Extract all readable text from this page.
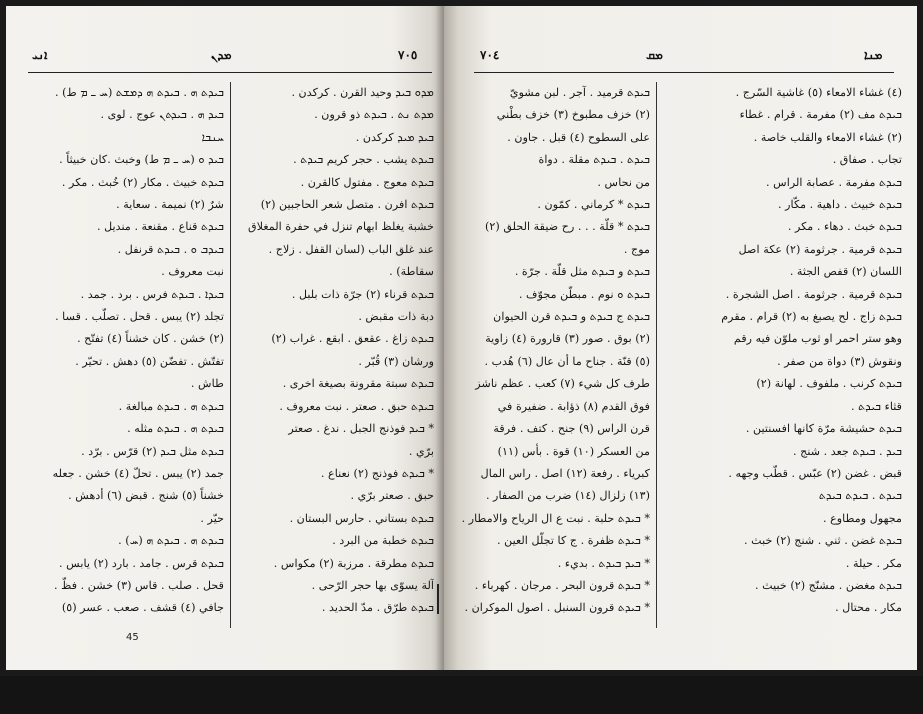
ܐܢܝ	ܡܕܢ	٧٠٥
ܒܝܕܬ ܗ . ܒܝܕܬ ܗ ܕܡܫܬ (ܚ ـ ܡ ط) .
ܒܝܕ ܗ . ܒܝܕܬܢ عوج . لوى .
ܚܢܒܐ
ܒܝܕ ܘ (ܚ ـ ܡ ط) وخبث .كان خبيثاً .
ܒܝܕܬ خبيث . مكار (٢) خُبث . مكر .
شرٌ (٢) نميمة . سعاية .
ܒܝܕܬ قناع . مقنعة . منديل .
ܒܝܕܒ ܘ . ܒܝܕܬ قرنفل .
نبت معروف .
ܒܝܕܐ . ܒܝܕܬ فرس . برد . جمد .
تجلد (٢) يبس . قحل . تصلّب . قسا .
(٢) خشن . كان خشناً (٤) تفتّح .
تفتّش . تفضّن (٥) دهش . تحيّر .
طاش .
ܒܝܕܬ ܗ . ܒܝܕܬ مبالغة .
ܒܝܕܬ ܗ . ܒܝܕܬ مثله .
ܒܝܕܬ مثل ܒܝܕ (٢) قرّس . برّد .
جمد (٢) يبس . تحلّ (٤) خشن . جعله
خشناً (٥) شنج . قبض (٦) أدهش .
حيّر .
ܒܝܕܬ ܗ . ܒܝܕܬ ܗ (ܚ) .
ܒܝܕܬ قرس . جامد . بارد (٢) يابس .
قحل . صلب . قاس (٣) خشن . فظّ .
جافي (٤) قشف . صعب . عسر (٥)
ܡܕܘ ܒܝܕ وحيد القرن . كركدن .
ܡܕܬ ܢܬ . ܒܝܕܬ ذو قرون .
ܒܝܕ ܡܝܕ كركدن .
ܒܝܕܬ يشب . حجر كريم ܒܝܕܬ .
ܒܝܕܬ معوج . مفتول كالقرن .
ܒܝܕܬ افرن . متصل شعر الحاجبين (٢)
خشبة يغلظ ابهام تنزل في حفرة المغلاق
عند غلق الباب (لسان القفل . زلاج .
سقاطة) .
ܒܝܕܬ قرناء (٢) جرّة ذات بلبل .
دبة ذات مقبض .
ܒܝܕܬ زاغ . عقعق . ابقع . غراب (٢)
ورشان (٣) قُبّر .
ܒܝܕܬ سبتة مقرونة بصيغة اخرى .
ܒܝܕܬ حبق . صعتر . نبت معروف .
* ܒܝܕ فوذنج الجبل . ندغ . صعتر
برّي .
* ܒܝܕܬ فوذنج (٢) نعناع .
حبق . صعتر برّي .
ܒܝܕܬ بستاني . حارس البستان .
ܒܝܕܬ خطبة من البرد .
ܒܝܕܬ مطرقة . مرزبة (٢) مكواس .
آلة يسوّى بها حجر الرّحى .
ܒܝܕܬ طرّق . مدّ الحديد .
45
٧٠٤	ܡܩ	ܡܢܐ
ܒܝܕܬ قرميد . آجر . لبن مشويّ
(٢) خزف مطبوخ (٣) خزف بطْني
على السطوح (٤) قبل . جاون .
ܒܝܕܬ . ܒܝܕܬ مقلة . دواة
من نحاس .
ܒܝܕܬ * كرماني . كمّون .
ܒܝܕܬ * قلّة . . . رح ضيقة الحلق (٢)
موج .
ܒܝܕܬ و ܒܝܕܬ مثل قلّة . جرّة .
ܒܝܕܬ ܘ نوم . مبطّن مجوّف .
ܒܝܕܬ ج ܒܝܕܬ و ܒܝܕܬ قرن الحيوان
(٢) بوق . صور (٣) قارورة (٤) زاوية
(٥) قنّة . جناح ما أن عال (٦) هُدب .
طرف كل شيء (٧) كعب . عظم ناشز
فوق القدم (٨) ذؤابة . ضفيرة في
قرن الراس (٩) جنح . كتف . فرقة
من العسكر (١٠) قوة . بأس (١١)
كبرياء . رفعة (١٢) اصل . راس المال
(١٣) زلزال (١٤) ضرب من الصفار .
* ܒܝܕܬ حلبة . نبت ع ال الرياح والامطار .
* ܒܝܕܬ ظفرة . ج كا تجلّل العين .
* ܒܝܕ ܒܝܕܬ . بديء .
* ܒܝܕܬ قرون البحر . مرجان . كهرباء .
* ܒܝܕܬ قرون السنبل . اصول الموكران .
(٤) غشاء الامعاء (٥) غاشية السّرج .
ܒܝܕܬ مف (٢) مفرمة . قرام . غطاء
(٢) غشاء الامعاء والقلب خاصة .
تجاب . صفاق .
ܒܝܕܬ مفرمة . عصابة الراس .
ܒܝܕܬ خبيث . داهية . مكّار .
ܒܝܕܬ خبث . دهاء . مكر .
ܒܝܕܬ قرمية . جرثومة (٢) عكة اصل
اللسان (٢) قفص الجثة .
ܒܝܕܬ قرمية . جرثومة . اصل الشجرة .
ܒܝܕܬ زاج . لح يصبغ به (٢) قرام . مقرم
وهو ستر احمر او ثوب ملوّن فيه رقم
ونقوش (٣) دواة من صفر .
ܒܝܕܬ كرنب . ملفوف . لهانة (٢)
قثاء ܒܝܕܬ .
ܒܝܕܬ حشيشة مرّة كانها افسنتين .
ܒܝܕ . ܒܝܕܬ جعد . شنج .
قبض . غضن (٢) عبّس . قطّب وجهه .
ܒܝܕܬ . ܒܝܕܬ ܒܝܕܬ
مجهول ومطاوع .
ܒܝܕܬ غضن . ثني . شنج (٢) خبث .
مكر . حيلة .
ܒܝܕܬ مغضن . مشنّج (٢) خبيث .
مكار . محتال .
